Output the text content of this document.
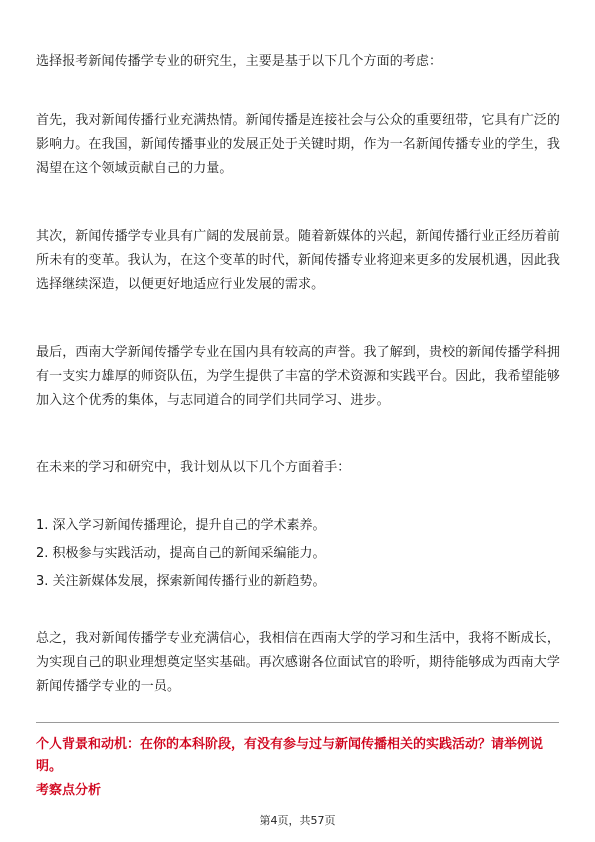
选择报考新闻传播学专业的研究生，主要是基于以下几个方面的考虑：

首先，我对新闻传播行业充满热情。新闻传播是连接社会与公众的重要纽带，它具有广泛的影响力。在我国，新闻传播事业的发展正处于关键时期，作为一名新闻传播专业的学生，我渴望在这个领域贡献自己的力量。

其次，新闻传播学专业具有广阔的发展前景。随着新媒体的兴起，新闻传播行业正经历着前所未有的变革。我认为，在这个变革的时代，新闻传播专业将迎来更多的发展机遇，因此我选择继续深造，以便更好地适应行业发展的需求。

最后，西南大学新闻传播学专业在国内具有较高的声誉。我了解到，贵校的新闻传播学科拥有一支实力雄厚的师资队伍，为学生提供了丰富的学术资源和实践平台。因此，我希望能够加入这个优秀的集体，与志同道合的同学们共同学习、进步。

在未来的学习和研究中，我计划从以下几个方面着手：

1. 深入学习新闻传播理论，提升自己的学术素养。

2. 积极参与实践活动，提高自己的新闻采编能力。

3. 关注新媒体发展，探索新闻传播行业的新趋势。

总之，我对新闻传播学专业充满信心，我相信在西南大学的学习和生活中，我将不断成长，为实现自己的职业理想奠定坚实基础。再次感谢各位面试官的聆听，期待能够成为西南大学新闻传播学专业的一员。

个人背景和动机：在你的本科阶段，有没有参与过与新闻传播相关的实践活动？请举例说明。

考察点分析

第4页，共57页
